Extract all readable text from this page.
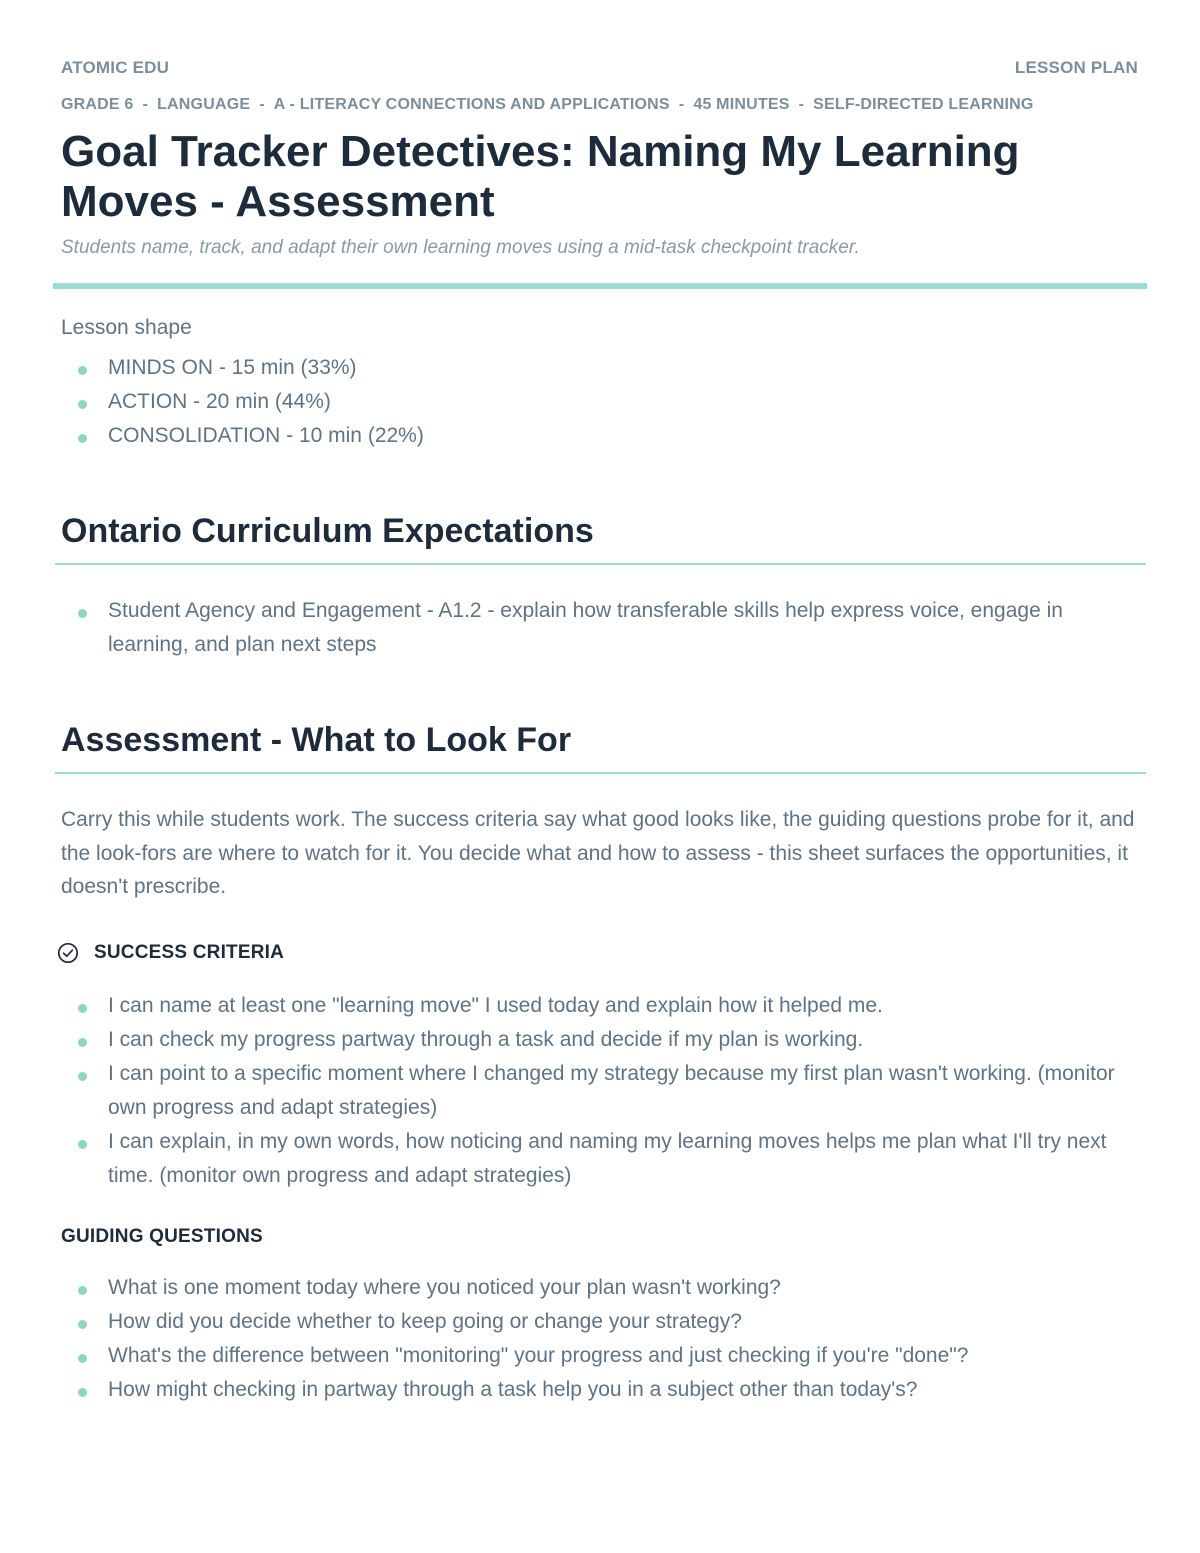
ATOMIC EDU	LESSON PLAN
GRADE 6 - LANGUAGE - A - LITERACY CONNECTIONS AND APPLICATIONS - 45 MINUTES - SELF-DIRECTED LEARNING
Goal Tracker Detectives: Naming My Learning Moves - Assessment
Students name, track, and adapt their own learning moves using a mid-task checkpoint tracker.
Lesson shape
MINDS ON - 15 min (33%)
ACTION - 20 min (44%)
CONSOLIDATION - 10 min (22%)
Ontario Curriculum Expectations
Student Agency and Engagement - A1.2 - explain how transferable skills help express voice, engage in learning, and plan next steps
Assessment - What to Look For
Carry this while students work. The success criteria say what good looks like, the guiding questions probe for it, and the look-fors are where to watch for it. You decide what and how to assess - this sheet surfaces the opportunities, it doesn't prescribe.
SUCCESS CRITERIA
I can name at least one "learning move" I used today and explain how it helped me.
I can check my progress partway through a task and decide if my plan is working.
I can point to a specific moment where I changed my strategy because my first plan wasn't working. (monitor own progress and adapt strategies)
I can explain, in my own words, how noticing and naming my learning moves helps me plan what I'll try next time. (monitor own progress and adapt strategies)
GUIDING QUESTIONS
What is one moment today where you noticed your plan wasn't working?
How did you decide whether to keep going or change your strategy?
What's the difference between "monitoring" your progress and just checking if you're "done"?
How might checking in partway through a task help you in a subject other than today's?
